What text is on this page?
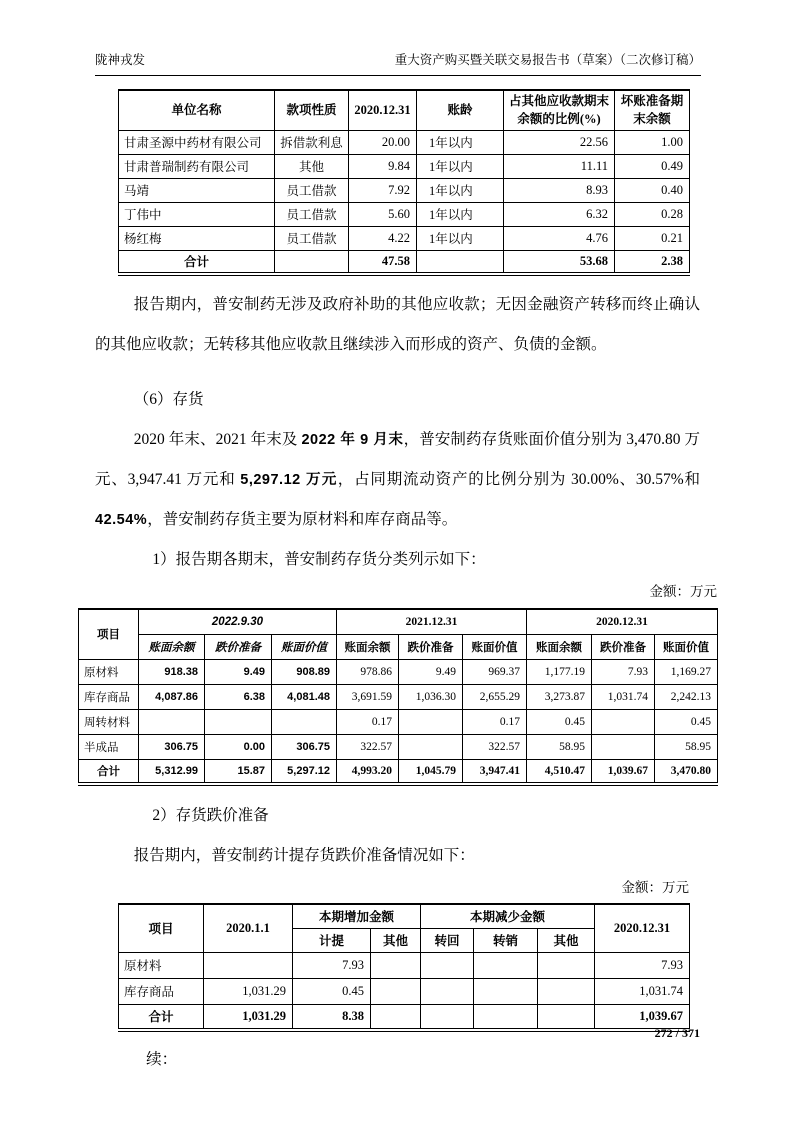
陇神戎发	重大资产购买暨关联交易报告书（草案）（二次修订稿）
单位名称	款项性质	2020.12.31	账龄	占其他应收款期末余额的比例(%)	坏账准备期末余额
甘肃圣源中药材有限公司	拆借款利息	20.00	1年以内	22.56	1.00
甘肃普瑞制药有限公司	其他	9.84	1年以内	11.11	0.49
马靖	员工借款	7.92	1年以内	8.93	0.40
丁伟中	员工借款	5.60	1年以内	6.32	0.28
杨红梅	员工借款	4.22	1年以内	4.76	0.21
合计		47.58		53.68	2.38

报告期内，普安制药无涉及政府补助的其他应收款；无因金融资产转移而终止确认的其他应收款；无转移其他应收款且继续涉入而形成的资产、负债的金额。

（6）存货

2020 年末、2021 年末及 2022 年 9 月末，普安制药存货账面价值分别为 3,470.80 万元、3,947.41 万元和 5,297.12 万元，占同期流动资产的比例分别为 30.00%、30.57%和 42.54%，普安制药存货主要为原材料和库存商品等。

1）报告期各期末，普安制药存货分类列示如下：

金额：万元
项目	2022.9.30			2021.12.31			2020.12.31		
	账面余额	跌价准备	账面价值	账面余额	跌价准备	账面价值	账面余额	跌价准备	账面价值
原材料	918.38	9.49	908.89	978.86	9.49	969.37	1,177.19	7.93	1,169.27
库存商品	4,087.86	6.38	4,081.48	3,691.59	1,036.30	2,655.29	3,273.87	1,031.74	2,242.13
周转材料				0.17		0.17	0.45		0.45
半成品	306.75	0.00	306.75	322.57		322.57	58.95		58.95
合计	5,312.99	15.87	5,297.12	4,993.20	1,045.79	3,947.41	4,510.47	1,039.67	3,470.80

2）存货跌价准备

报告期内，普安制药计提存货跌价准备情况如下：

金额：万元
项目	2020.1.1	本期增加金额		本期减少金额			2020.12.31
		计提	其他	转回	转销	其他	
原材料		7.93					7.93
库存商品	1,031.29	0.45					1,031.74
合计	1,031.29	8.38					1,039.67

续：

272 / 371
